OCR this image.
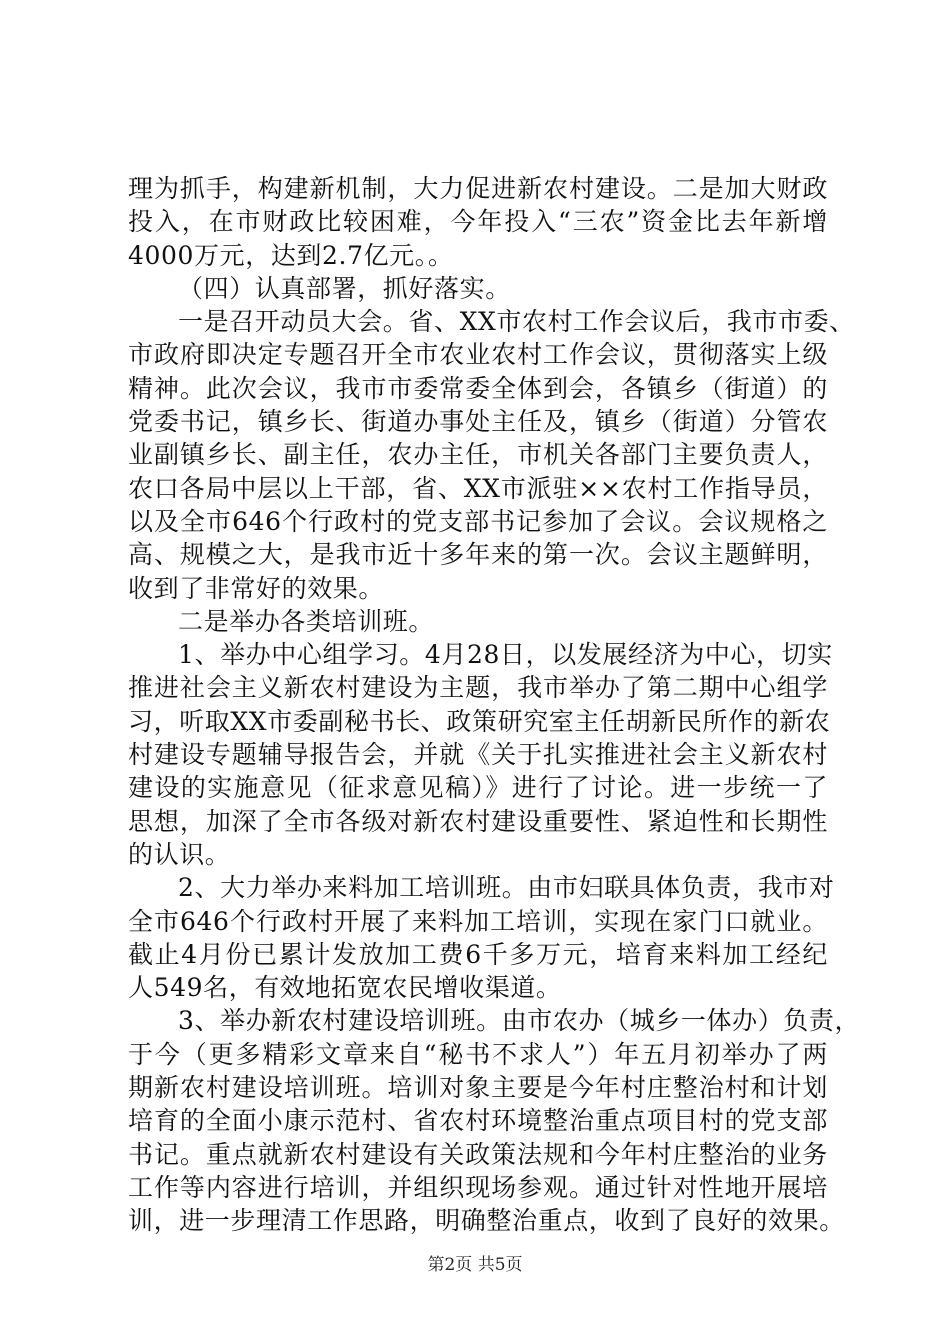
理为抓手，构建新机制，大力促进新农村建设。二是加大财政
投入，在市财政比较困难，今年投入“三农”资金比去年新增
4000万元，达到2.7亿元。。
（四）认真部署，抓好落实。
一是召开动员大会。省、XX市农村工作会议后，我市市委、
市政府即决定专题召开全市农业农村工作会议，贯彻落实上级
精神。此次会议，我市市委常委全体到会，各镇乡（街道）的
党委书记，镇乡长、街道办事处主任及，镇乡（街道）分管农
业副镇乡长、副主任，农办主任，市机关各部门主要负责人，
农口各局中层以上干部，省、XX市派驻××农村工作指导员，
以及全市646个行政村的党支部书记参加了会议。会议规格之
高、规模之大，是我市近十多年来的第一次。会议主题鲜明，
收到了非常好的效果。
二是举办各类培训班。
1、举办中心组学习。4月28日，以发展经济为中心，切实
推进社会主义新农村建设为主题，我市举办了第二期中心组学
习，听取XX市委副秘书长、政策研究室主任胡新民所作的新农
村建设专题辅导报告会，并就《关于扎实推进社会主义新农村
建设的实施意见（征求意见稿）》进行了讨论。进一步统一了
思想，加深了全市各级对新农村建设重要性、紧迫性和长期性
的认识。
2、大力举办来料加工培训班。由市妇联具体负责，我市对
全市646个行政村开展了来料加工培训，实现在家门口就业。
截止4月份已累计发放加工费6千多万元，培育来料加工经纪
人549名，有效地拓宽农民增收渠道。
3、举办新农村建设培训班。由市农办（城乡一体办）负责，
于今（更多精彩文章来自“秘书不求人”）年五月初举办了两
期新农村建设培训班。培训对象主要是今年村庄整治村和计划
培育的全面小康示范村、省农村环境整治重点项目村的党支部
书记。重点就新农村建设有关政策法规和今年村庄整治的业务
工作等内容进行培训，并组织现场参观。通过针对性地开展培
训，进一步理清工作思路，明确整治重点，收到了良好的效果。
第2页 共5页
